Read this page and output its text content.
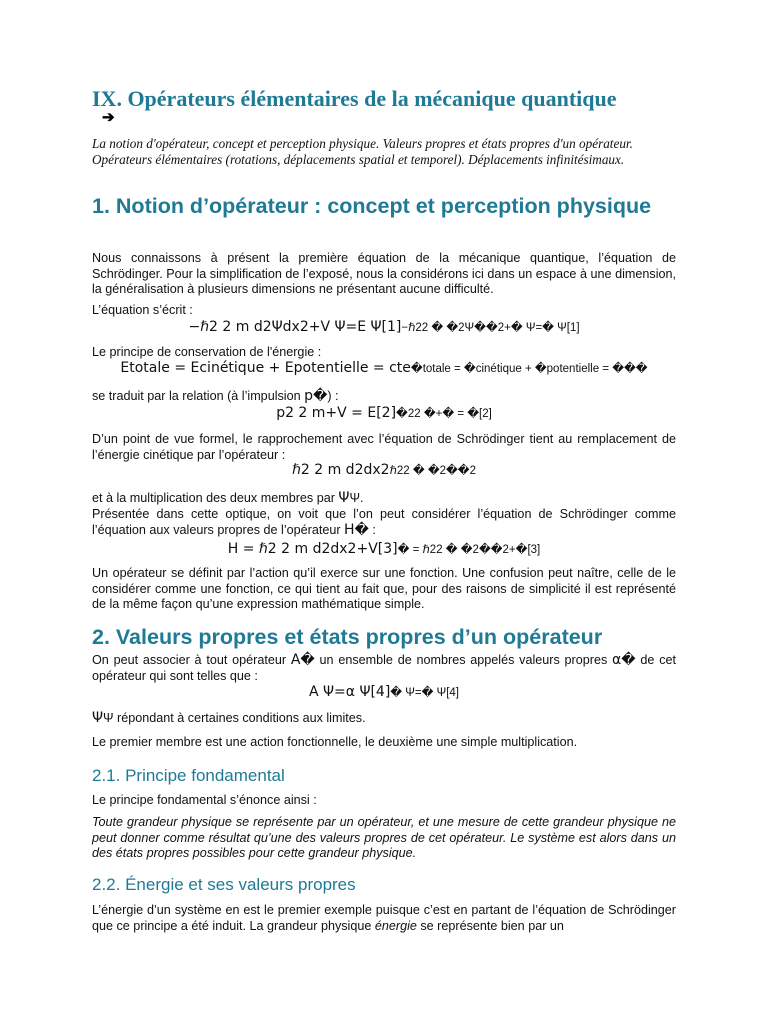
IX. Opérateurs élémentaires de la mécanique quantique
➔
La notion d'opérateur, concept et perception physique. Valeurs propres et états propres d'un opérateur. Opérateurs élémentaires (rotations, déplacements spatial et temporel). Déplacements infinitésimaux.
1. Notion d’opérateur : concept et perception physique
Nous connaissons à présent la première équation de la mécanique quantique, l’équation de Schrödinger. Pour la simplification de l’exposé, nous la considérons ici dans un espace à une dimension, la généralisation à plusieurs dimensions ne présentant aucune difficulté.
L’équation s’écrit :
−ℏ2 2 m d2Ψdx2+V Ψ=E Ψ[1]−ℏ22 � �2Ψ��2+� Ψ=� Ψ[1]
Le principe de conservation de l'énergie :
Etotale = Ecinétique + Epotentielle = cte�totale = �cinétique + �potentielle = ���
se traduit par la relation (à l’impulsion p�) :
p2 2 m+V = E[2]�22 �+� = �[2]
D’un point de vue formel, le rapprochement avec l’équation de Schrödinger tient au remplacement de l’énergie cinétique par l’opérateur :
ℏ2 2 m d2dx2ℏ22 � �2��2
et à la multiplication des deux membres par ΨΨ.
Présentée dans cette optique, on voit que l’on peut considérer l’équation de Schrödinger comme l’équation aux valeurs propres de l’opérateur H� :
H = ℏ2 2 m d2dx2+V[3]� = ℏ22 � �2��2+�[3]
Un opérateur se définit par l’action qu’il exerce sur une fonction. Une confusion peut naître, celle de le considérer comme une fonction, ce qui tient au fait que, pour des raisons de simplicité il est représenté de la même façon qu’une expression mathématique simple.
2. Valeurs propres et états propres d’un opérateur
On peut associer à tout opérateur A� un ensemble de nombres appelés valeurs propres α� de cet opérateur qui sont telles que :
A Ψ=α Ψ[4]� Ψ=� Ψ[4]
ΨΨ répondant à certaines conditions aux limites.
Le premier membre est une action fonctionnelle, le deuxième une simple multiplication.
2.1. Principe fondamental
Le principe fondamental s’énonce ainsi :
Toute grandeur physique se représente par un opérateur, et une mesure de cette grandeur physique ne peut donner comme résultat qu’une des valeurs propres de cet opérateur. Le système est alors dans un des états propres possibles pour cette grandeur physique.
2.2. Énergie et ses valeurs propres
L’énergie d’un système en est le premier exemple puisque c’est en partant de l’équation de Schrödinger que ce principe a été induit. La grandeur physique énergie se représente bien par un
